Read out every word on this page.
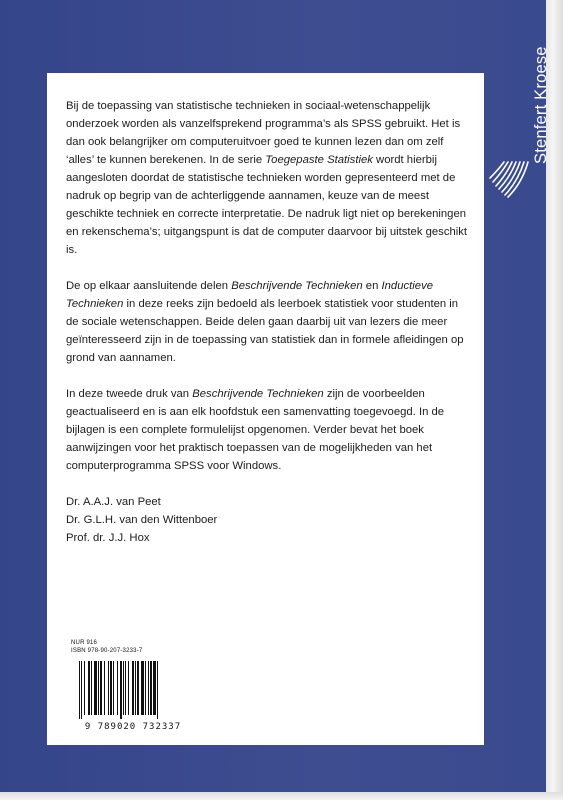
Stenfert Kroese

Bij de toepassing van statistische technieken in sociaal-wetenschappelijk onderzoek worden als vanzelfsprekend programma’s als SPSS gebruikt. Het is dan ook belangrijker om computeruitvoer goed te kunnen lezen dan om zelf ‘alles’ te kunnen berekenen. In de serie Toegepaste Statistiek wordt hierbij aangesloten doordat de statistische technieken worden gepresenteerd met de nadruk op begrip van de achterliggende aannamen, keuze van de meest geschikte techniek en correcte interpretatie. De nadruk ligt niet op berekeningen en rekenschema’s; uitgangspunt is dat de computer daarvoor bij uitstek geschikt is.

De op elkaar aansluitende delen Beschrijvende Technieken en Inductieve Technieken in deze reeks zijn bedoeld als leerboek statistiek voor studenten in de sociale wetenschappen. Beide delen gaan daarbij uit van lezers die meer geïnteresseerd zijn in de toepassing van statistiek dan in formele afleidingen op grond van aannamen.

In deze tweede druk van Beschrijvende Technieken zijn de voorbeelden geactualiseerd en is aan elk hoofdstuk een samenvatting toegevoegd. In de bijlagen is een complete formulelijst opgenomen. Verder bevat het boek aanwijzingen voor het praktisch toepassen van de mogelijkheden van het computerprogramma SPSS voor Windows.

Dr. A.A.J. van Peet
Dr. G.L.H. van den Wittenboer
Prof. dr. J.J. Hox
NUR 916
ISBN 978-90-207-3233-7
9 789020 732337
